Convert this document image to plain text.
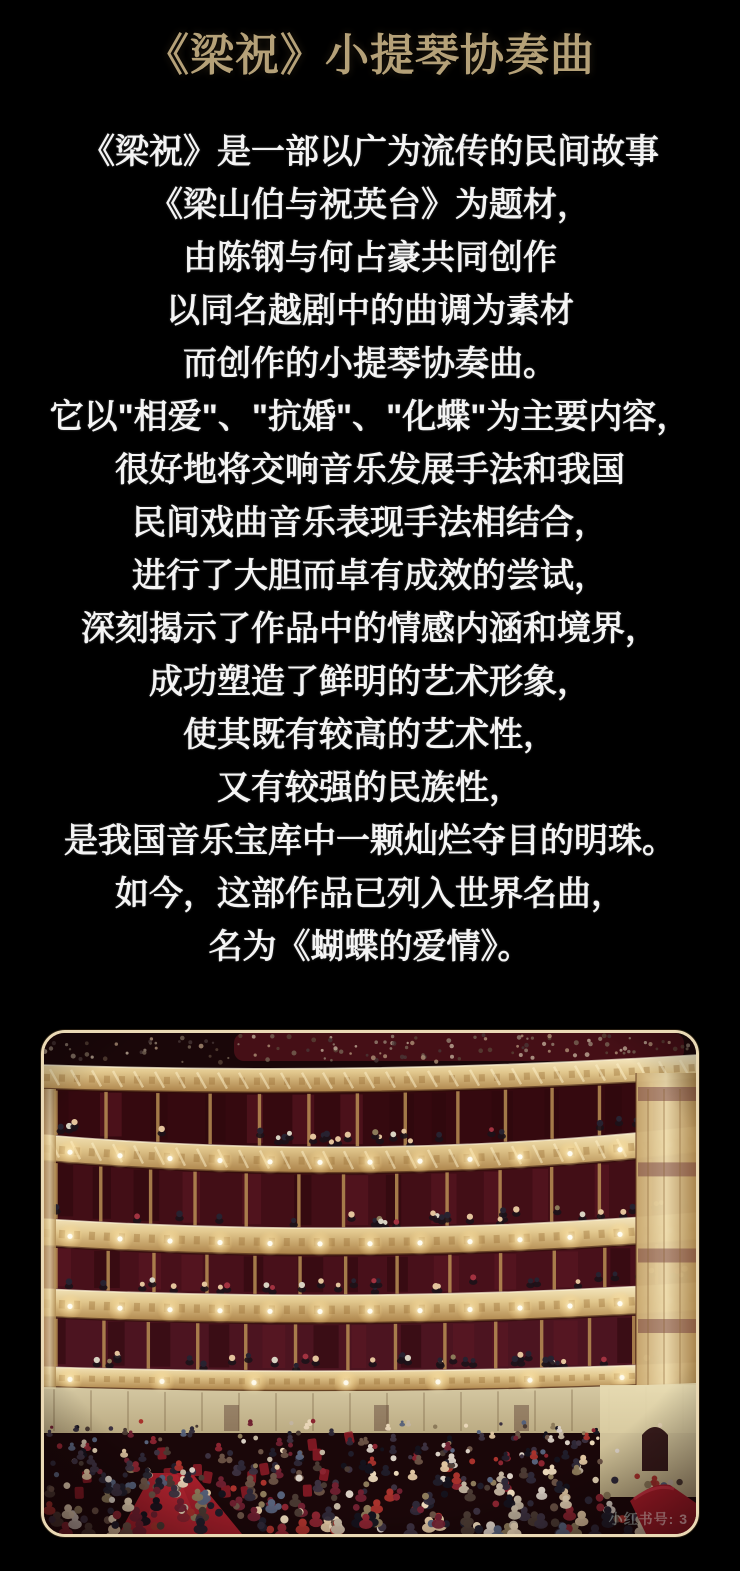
《梁祝》小提琴协奏曲

《梁祝》是一部以广为流传的民间故事

《梁山伯与祝英台》为题材，

由陈钢与何占豪共同创作

以同名越剧中的曲调为素材

而创作的小提琴协奏曲。

它以"相爱"、"抗婚"、"化蝶"为主要内容，

很好地将交响音乐发展手法和我国

民间戏曲音乐表现手法相结合，

进行了大胆而卓有成效的尝试，

深刻揭示了作品中的情感内涵和境界，

成功塑造了鲜明的艺术形象，

使其既有较高的艺术性，

又有较强的民族性，

是我国音乐宝库中一颗灿烂夺目的明珠。

如今，这部作品已列入世界名曲，

名为《蝴蝶的爱情》。

小红书号: 3
